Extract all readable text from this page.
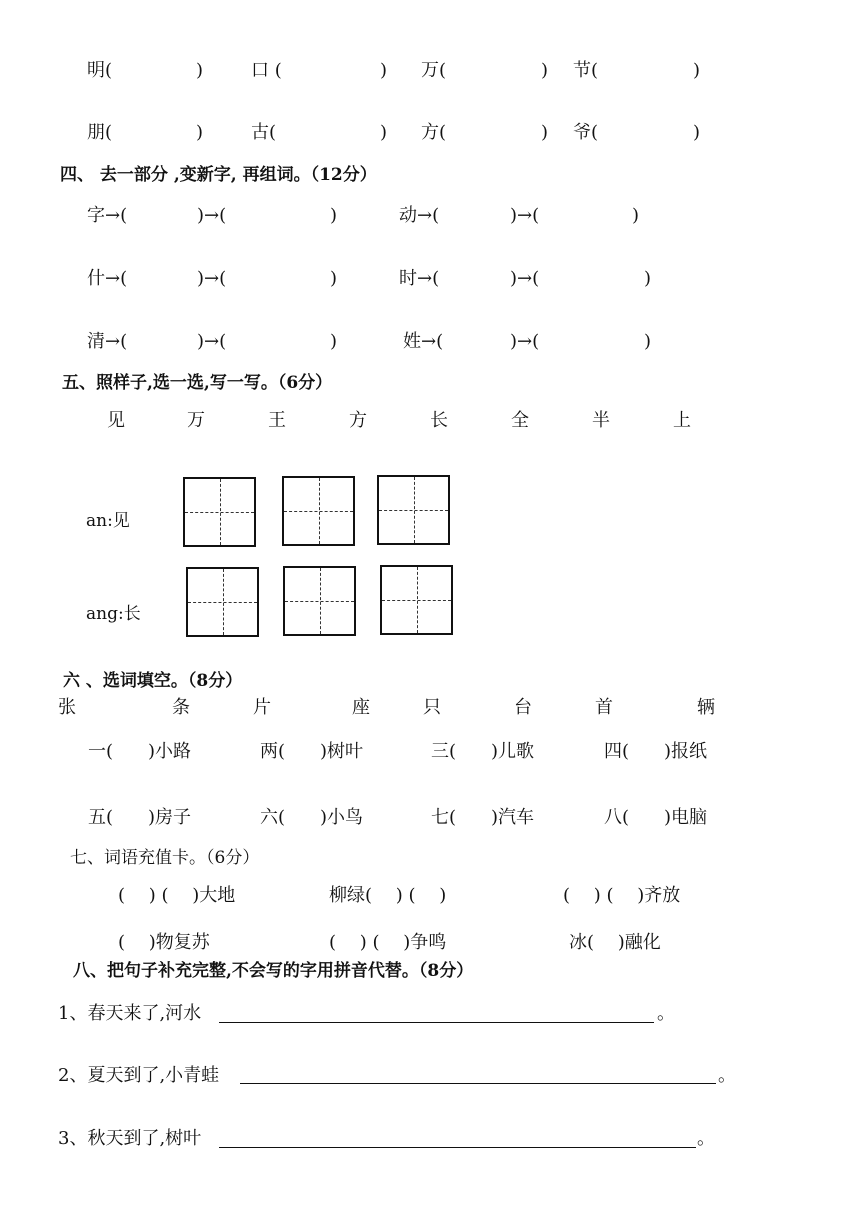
明(	)	口 (	) 万(	) 节(	)
朋(	)	古(	) 方(	) 爷(	)
四、 去一部分 ,变新字, 再组词。（12分）
字→(	)→(	)	动→(	)→(	)
什→(	)→(	)	时→(	)→(	)
清→(	)→(	)	姓→(	)→(	)
五、照样子,选一选,写一写。（6分）
见	万	王	方	长	全	半	上
an:见
ang:长
六 、选词填空。（8分）
张	条	片	座	只	台	首	辆
一( )小路	两( )树叶	三( )儿歌	四( )报纸
五( )房子	六( )小鸟	七( )汽车	八( )电脑
七、词语充值卡。（6分）
(　 ) (　 )大地	柳绿(　 ) (　 )	(　 ) (　 )齐放
(　 )物复苏	(　 ) (　 )争鸣	冰(　 )融化
八、把句子补充完整,不会写的字用拼音代替。（8分）
1、春天来了,河水	。
2、夏天到了,小青蛙	。
3、秋天到了,树叶	。
